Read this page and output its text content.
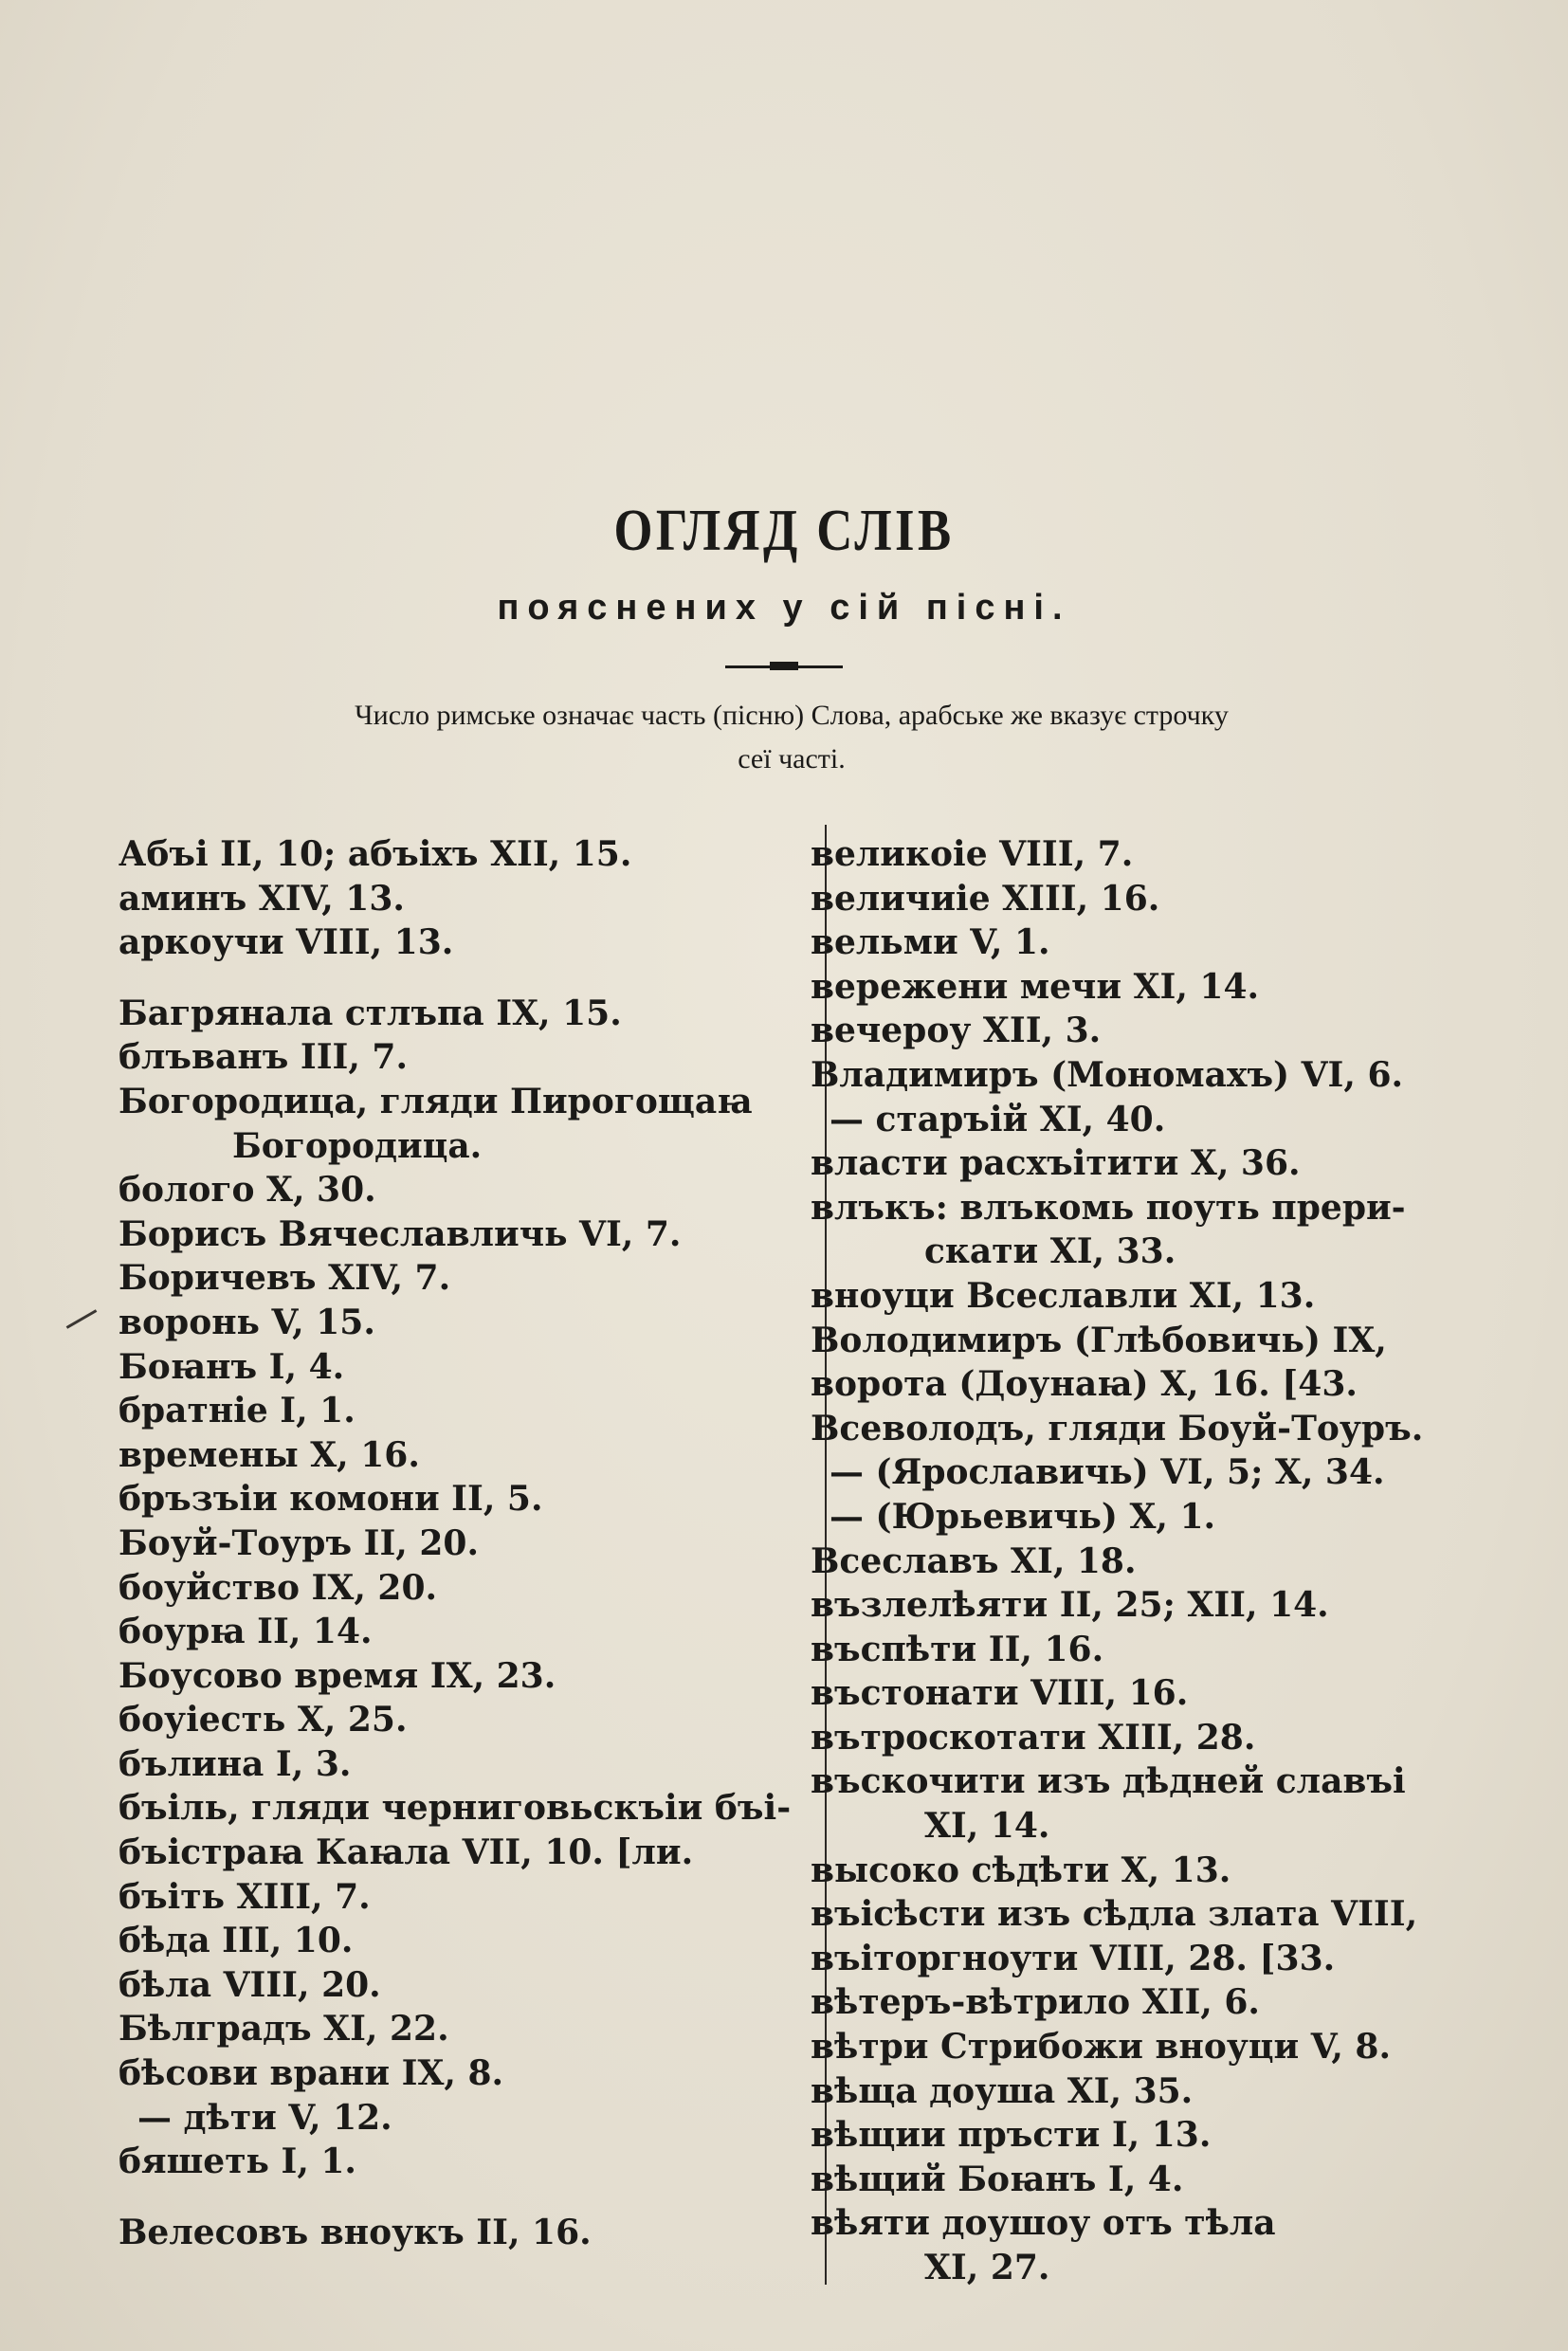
ОГЛЯД СЛІВ
пояснених у сій пісні.
Число римське означає часть (пісню) Слова, арабське же вказує строчку
сеї часті.
Абъі II, 10; абъіхъ XII, 15.
аминъ XIV, 13.
аркоучи VIII, 13.
Багрянала стлъпа IX, 15.
блъванъ III, 7.
Богородица, гляди Пирогощаꙗ
Богородица.
болого X, 30.
Борисъ Вячеславличь VI, 7.
Боричевъ XIV, 7.
воронь V, 15.
Боꙗнъ I, 4.
братніе I, 1.
времены X, 16.
бръзъіи комони II, 5.
Боуй-Тоуръ II, 20.
боуйство IX, 20.
боурꙗ II, 14.
Боусово время IX, 23.
боуіесть X, 25.
бълина I, 3.
бъіль, гляди черниговьскъіи бъі-
бъістраꙗ Каꙗла VII, 10. [ли.
бъіть XIII, 7.
бѣда III, 10.
бѣла VIII, 20.
Бѣлградъ XI, 22.
бѣсови врани IX, 8.
— дѣти V, 12.
бяшеть I, 1.
Велесовъ вноукъ II, 16.
великоіе VIII, 7.
величиіе XIII, 16.
вельми V, 1.
вережени мечи XI, 14.
вечероу XII, 3.
Владимиръ (Мономахъ) VI, 6.
— старъій XI, 40.
власти расхъітити X, 36.
влъкъ: влъкомь поуть прери-
скати XI, 33.
вноуци Всеславли XI, 13.
Володимиръ (Глѣбовичь) IX,
ворота (Доунаꙗ) X, 16. [43.
Всеволодъ, гляди Боуй-Тоуръ.
— (Ярославичь) VI, 5; X, 34.
— (Юрьевичь) X, 1.
Всеславъ XI, 18.
възлелѣяти II, 25; XII, 14.
въспѣти II, 16.
въстонати VIII, 16.
вътроскотати XIII, 28.
въскочити изъ дѣдней славъі
XI, 14.
высоко сѣдѣти X, 13.
въісѣсти изъ сѣдла злата VIII,
въіторгноути VIII, 28. [33.
вѣтеръ-вѣтрило XII, 6.
вѣтри Стрибожи вноуци V, 8.
вѣща доуша XI, 35.
вѣщии пръсти I, 13.
вѣщий Боꙗнъ I, 4.
вѣяти доушоу отъ тѣла
XI, 27.
